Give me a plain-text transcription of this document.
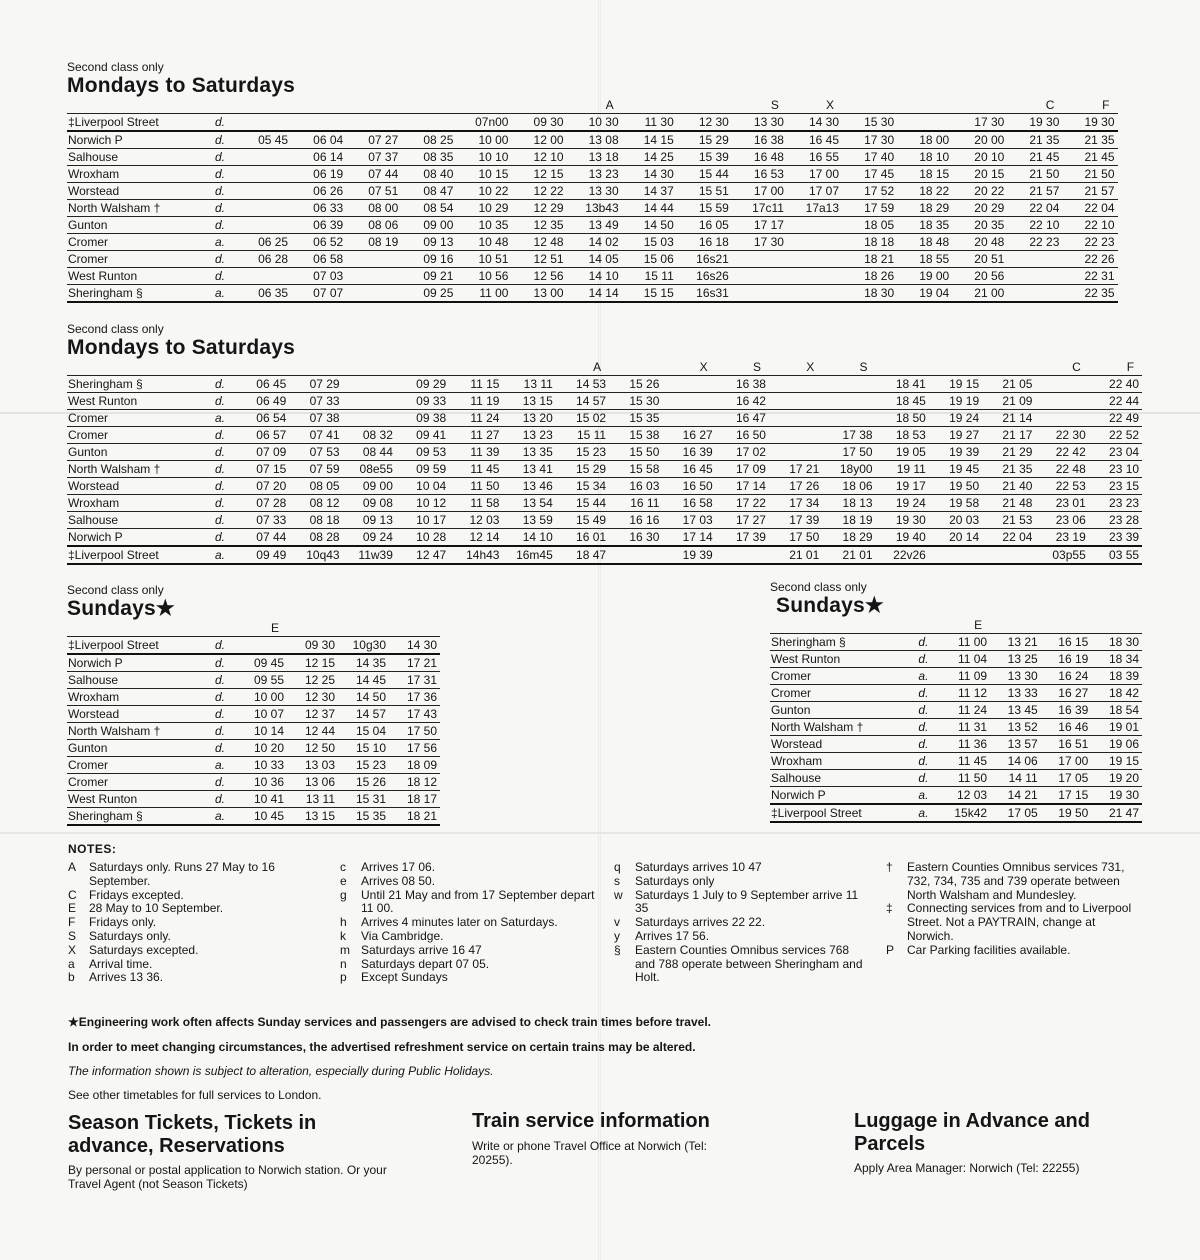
Second class only
Mondays to Saturdays
								A			S	X				C	F
‡Liverpool Street	d.					07n00	09 30	10 30	11 30	12 30	13 30	14 30	15 30		17 30	19 30	19 30
Norwich P	d.	05 45	06 04	07 27	08 25	10 00	12 00	13 08	14 15	15 29	16 38	16 45	17 30	18 00	20 00	21 35	21 35
Salhouse	d.		06 14	07 37	08 35	10 10	12 10	13 18	14 25	15 39	16 48	16 55	17 40	18 10	20 10	21 45	21 45
Wroxham	d.		06 19	07 44	08 40	10 15	12 15	13 23	14 30	15 44	16 53	17 00	17 45	18 15	20 15	21 50	21 50
Worstead	d.		06 26	07 51	08 47	10 22	12 22	13 30	14 37	15 51	17 00	17 07	17 52	18 22	20 22	21 57	21 57
North Walsham †	d.		06 33	08 00	08 54	10 29	12 29	13b43	14 44	15 59	17c11	17a13	17 59	18 29	20 29	22 04	22 04
Gunton	d.		06 39	08 06	09 00	10 35	12 35	13 49	14 50	16 05	17 17		18 05	18 35	20 35	22 10	22 10
Cromer	a.	06 25	06 52	08 19	09 13	10 48	12 48	14 02	15 03	16 18	17 30		18 18	18 48	20 48	22 23	22 23
Cromer	d.	06 28	06 58		09 16	10 51	12 51	14 05	15 06	16s21			18 21	18 55	20 51		22 26
West Runton	d.		07 03		09 21	10 56	12 56	14 10	15 11	16s26			18 26	19 00	20 56		22 31
Sheringham §	a.	06 35	07 07		09 25	11 00	13 00	14 14	15 15	16s31			18 30	19 04	21 00		22 35
Second class only
Mondays to Saturdays
								A		X	S	X	S				C	F
Sheringham §	d.	06 45	07 29		09 29	11 15	13 11	14 53	15 26		16 38			18 41	19 15	21 05		22 40
West Runton	d.	06 49	07 33		09 33	11 19	13 15	14 57	15 30		16 42			18 45	19 19	21 09		22 44
Cromer	a.	06 54	07 38		09 38	11 24	13 20	15 02	15 35		16 47			18 50	19 24	21 14		22 49
Cromer	d.	06 57	07 41	08 32	09 41	11 27	13 23	15 11	15 38	16 27	16 50		17 38	18 53	19 27	21 17	22 30	22 52
Gunton	d.	07 09	07 53	08 44	09 53	11 39	13 35	15 23	15 50	16 39	17 02		17 50	19 05	19 39	21 29	22 42	23 04
North Walsham †	d.	07 15	07 59	08e55	09 59	11 45	13 41	15 29	15 58	16 45	17 09	17 21	18y00	19 11	19 45	21 35	22 48	23 10
Worstead	d.	07 20	08 05	09 00	10 04	11 50	13 46	15 34	16 03	16 50	17 14	17 26	18 06	19 17	19 50	21 40	22 53	23 15
Wroxham	d.	07 28	08 12	09 08	10 12	11 58	13 54	15 44	16 11	16 58	17 22	17 34	18 13	19 24	19 58	21 48	23 01	23 23
Salhouse	d.	07 33	08 18	09 13	10 17	12 03	13 59	15 49	16 16	17 03	17 27	17 39	18 19	19 30	20 03	21 53	23 06	23 28
Norwich P	d.	07 44	08 28	09 24	10 28	12 14	14 10	16 01	16 30	17 14	17 39	17 50	18 29	19 40	20 14	22 04	23 19	23 39
‡Liverpool Street	a.	09 49	10q43	11w39	12 47	14h43	16m45	18 47		19 39		21 01	21 01	22v26			03p55	03 55
Second class only
Sundays★
		E			
‡Liverpool Street	d.		09 30	10g30	14 30
Norwich P	d.	09 45	12 15	14 35	17 21
Salhouse	d.	09 55	12 25	14 45	17 31
Wroxham	d.	10 00	12 30	14 50	17 36
Worstead	d.	10 07	12 37	14 57	17 43
North Walsham †	d.	10 14	12 44	15 04	17 50
Gunton	d.	10 20	12 50	15 10	17 56
Cromer	a.	10 33	13 03	15 23	18 09
Cromer	d.	10 36	13 06	15 26	18 12
West Runton	d.	10 41	13 11	15 31	18 17
Sheringham §	a.	10 45	13 15	15 35	18 21
Second class only
Sundays★
		E			
Sheringham §	d.	11 00	13 21	16 15	18 30
West Runton	d.	11 04	13 25	16 19	18 34
Cromer	a.	11 09	13 30	16 24	18 39
Cromer	d.	11 12	13 33	16 27	18 42
Gunton	d.	11 24	13 45	16 39	18 54
North Walsham †	d.	11 31	13 52	16 46	19 01
Worstead	d.	11 36	13 57	16 51	19 06
Wroxham	d.	11 45	14 06	17 00	19 15
Salhouse	d.	11 50	14 11	17 05	19 20
Norwich P	a.	12 03	14 21	17 15	19 30
‡Liverpool Street	a.	15k42	17 05	19 50	21 47
NOTES:
A	Saturdays only. Runs 27 May to 16 September.
C	Fridays excepted.
E	28 May to 10 September.
F	Fridays only.
S	Saturdays only.
X	Saturdays excepted.
a	Arrival time.
b	Arrives 13 36.
c	Arrives 17 06.
e	Arrives 08 50.
g	Until 21 May and from 17 September depart 11 00.
h	Arrives 4 minutes later on Saturdays.
k	Via Cambridge.
m Saturdays arrive 16 47
n	Saturdays depart 07 05.
p	Except Sundays
q	Saturdays arrives 10 47
s	Saturdays only
w	Saturdays 1 July to 9 September arrive 11 35
v	Saturdays arrives 22 22.
y	Arrives 17 56.
§	Eastern Counties Omnibus services 768 and 788 operate between Sheringham and Holt.
†	Eastern Counties Omnibus services 731, 732, 734, 735 and 739 operate between North Walsham and Mundesley.
‡	Connecting services from and to Liverpool Street. Not a PAYTRAIN, change at Norwich.
P	Car Parking facilities available.
★Engineering work often affects Sunday services and passengers are advised to check train times before travel.
In order to meet changing circumstances, the advertised refreshment service on certain trains may be altered.
The information shown is subject to alteration, especially during Public Holidays.
See other timetables for full services to London.
Season Tickets, Tickets in advance, Reservations
By personal or postal application to Norwich station. Or your Travel Agent (not Season Tickets)
Train service information
Write or phone Travel Office at Norwich (Tel: 20255).
Luggage in Advance and Parcels
Apply Area Manager: Norwich (Tel: 22255)
